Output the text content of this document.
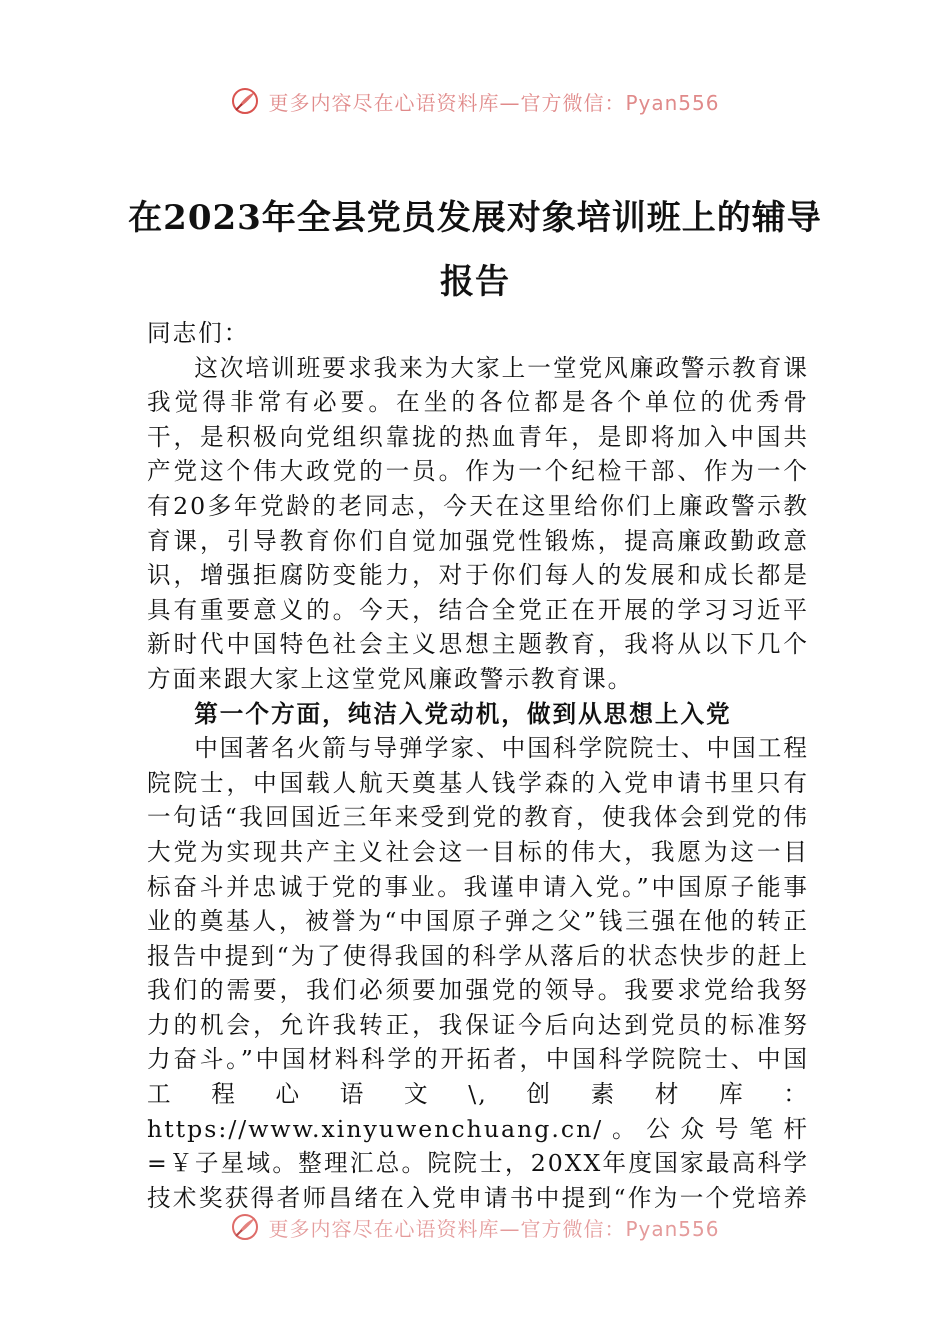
更多内容尽在心语资料库—官方微信：Pyan556
在2023年全县党员发展对象培训班上的辅导报告

同志们：

这次培训班要求我来为大家上一堂党风廉政警示教育课我觉得非常有必要。在坐的各位都是各个单位的优秀骨干，是积极向党组织靠拢的热血青年，是即将加入中国共产党这个伟大政党的一员。作为一个纪检干部、作为一个有20多年党龄的老同志，今天在这里给你们上廉政警示教育课，引导教育你们自觉加强党性锻炼，提高廉政勤政意识，增强拒腐防变能力，对于你们每人的发展和成长都是具有重要意义的。今天，结合全党正在开展的学习习近平新时代中国特色社会主义思想主题教育，我将从以下几个方面来跟大家上这堂党风廉政警示教育课。

第一个方面，纯洁入党动机，做到从思想上入党

中国著名火箭与导弹学家、中国科学院院士、中国工程院院士，中国载人航天奠基人钱学森的入党申请书里只有一句话“我回国近三年来受到党的教育，使我体会到党的伟大党为实现共产主义社会这一目标的伟大，我愿为这一目标奋斗并忠诚于党的事业。我谨申请入党。”中国原子能事业的奠基人，被誉为“中国原子弹之父”钱三强在他的转正报告中提到“为了使得我国的科学从落后的状态快步的赶上我们的需要，我们必须要加强党的领导。我要求党给我努力的机会，允许我转正，我保证今后向达到党员的标准努力奋斗。”中国材料科学的开拓者，中国科学院院士、中国工程心语文\,创素材库：https://www.xinyuwenchuang.cn/。公众号笔杆=￥子星域。整理汇总。院院士，20XX年度国家最高科学技术奖获得者师昌绪在入党申请书中提到“作为一个党培养

更多内容尽在心语资料库—官方微信：Pyan556
